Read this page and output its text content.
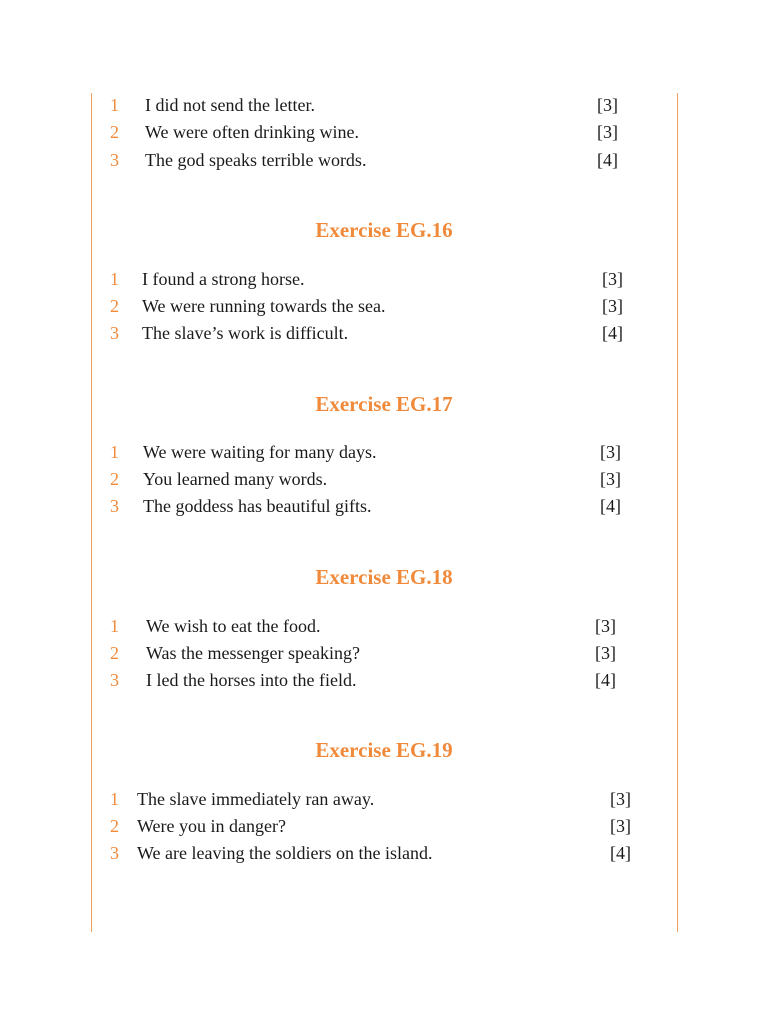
1 I did not send the letter.	[3]
2 We were often drinking wine.	[3]
3 The god speaks terrible words.	[4]
Exercise EG.16
1 I found a strong horse.	[3]
2 We were running towards the sea.	[3]
3 The slave’s work is difficult.	[4]
Exercise EG.17
1 We were waiting for many days.	[3]
2 You learned many words.	[3]
3 The goddess has beautiful gifts.	[4]
Exercise EG.18
1 We wish to eat the food.	[3]
2 Was the messenger speaking?	[3]
3 I led the horses into the field.	[4]
Exercise EG.19
1 The slave immediately ran away.	[3]
2 Were you in danger?	[3]
3 We are leaving the soldiers on the island.	[4]
